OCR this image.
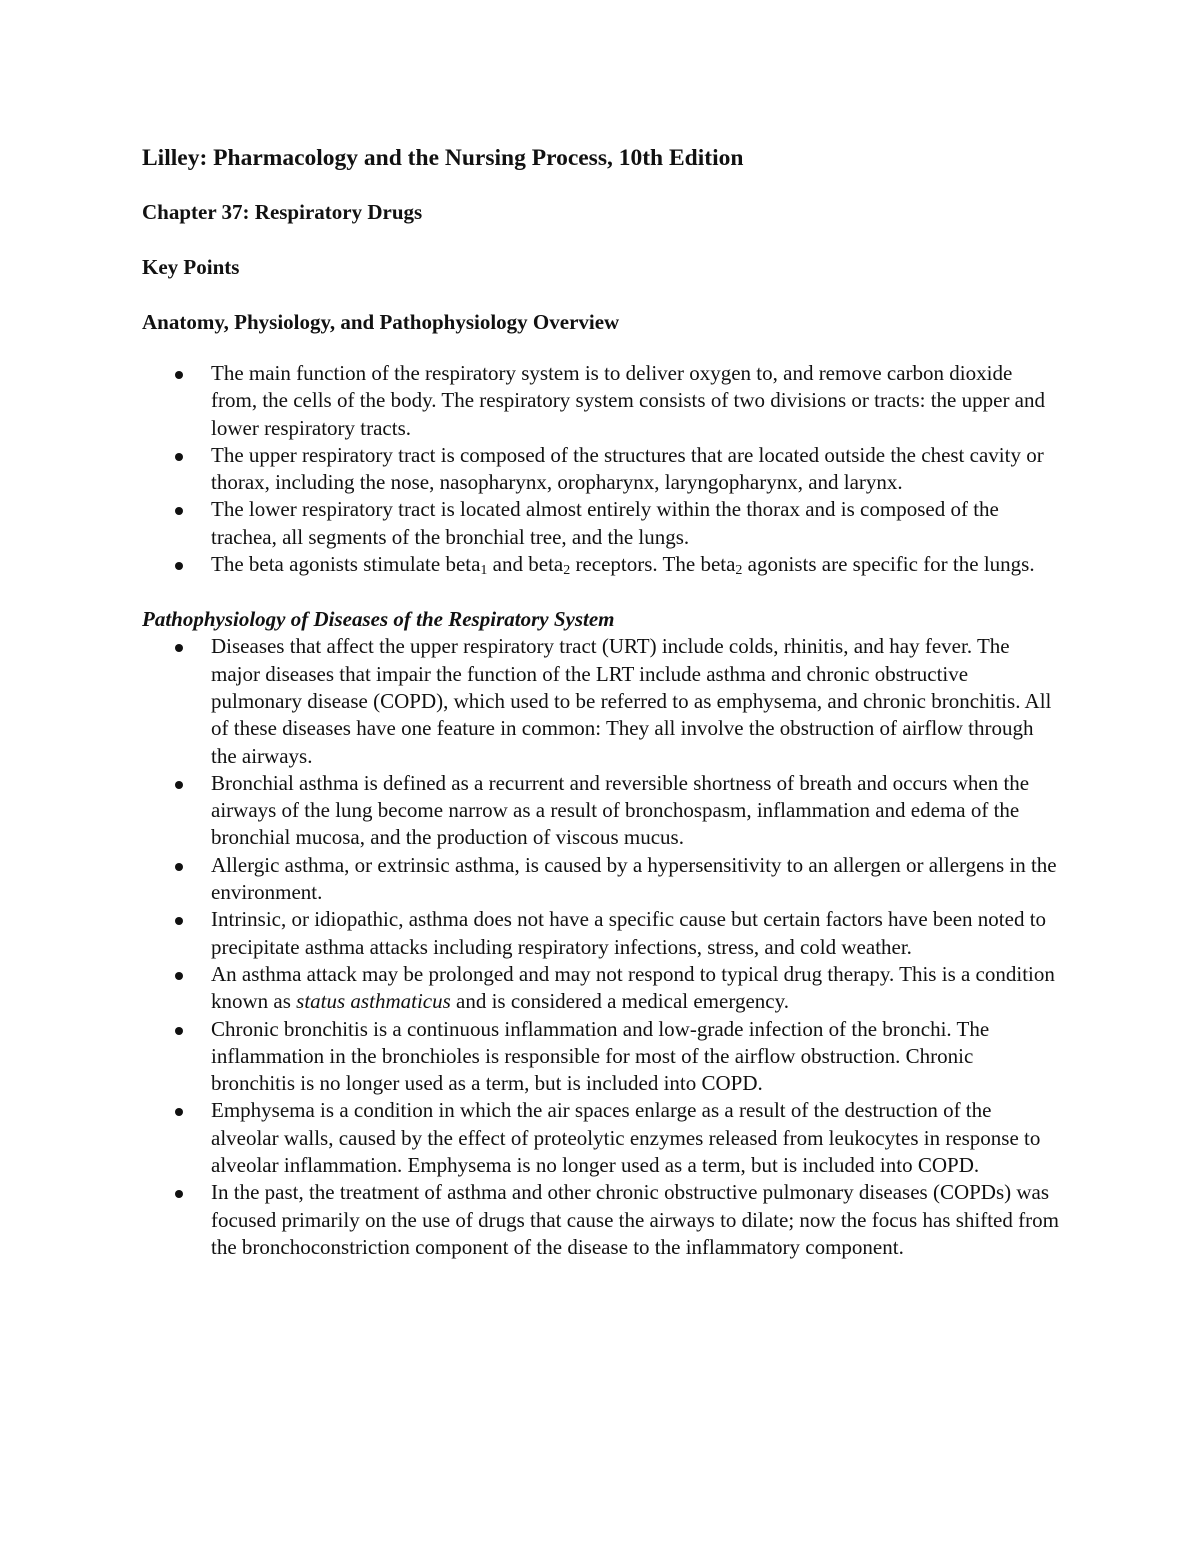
Lilley: Pharmacology and the Nursing Process, 10th Edition
Chapter 37: Respiratory Drugs
Key Points
Anatomy, Physiology, and Pathophysiology Overview
The main function of the respiratory system is to deliver oxygen to, and remove carbon dioxide from, the cells of the body. The respiratory system consists of two divisions or tracts: the upper and lower respiratory tracts.
The upper respiratory tract is composed of the structures that are located outside the chest cavity or thorax, including the nose, nasopharynx, oropharynx, laryngopharynx, and larynx.
The lower respiratory tract is located almost entirely within the thorax and is composed of the trachea, all segments of the bronchial tree, and the lungs.
The beta agonists stimulate beta$_1$ and beta$_2$ receptors. The beta$_2$ agonists are specific for the lungs.
Pathophysiology of Diseases of the Respiratory System
Diseases that affect the upper respiratory tract (URT) include colds, rhinitis, and hay fever. The major diseases that impair the function of the LRT include asthma and chronic obstructive pulmonary disease (COPD), which used to be referred to as emphysema, and chronic bronchitis. All of these diseases have one feature in common: They all involve the obstruction of airflow through the airways.
Bronchial asthma is defined as a recurrent and reversible shortness of breath and occurs when the airways of the lung become narrow as a result of bronchospasm, inflammation and edema of the bronchial mucosa, and the production of viscous mucus.
Allergic asthma, or extrinsic asthma, is caused by a hypersensitivity to an allergen or allergens in the environment.
Intrinsic, or idiopathic, asthma does not have a specific cause but certain factors have been noted to precipitate asthma attacks including respiratory infections, stress, and cold weather.
An asthma attack may be prolonged and may not respond to typical drug therapy. This is a condition known as status asthmaticus and is considered a medical emergency.
Chronic bronchitis is a continuous inflammation and low-grade infection of the bronchi. The inflammation in the bronchioles is responsible for most of the airflow obstruction. Chronic bronchitis is no longer used as a term, but is included into COPD.
Emphysema is a condition in which the air spaces enlarge as a result of the destruction of the alveolar walls, caused by the effect of proteolytic enzymes released from leukocytes in response to alveolar inflammation. Emphysema is no longer used as a term, but is included into COPD.
In the past, the treatment of asthma and other chronic obstructive pulmonary diseases (COPDs) was focused primarily on the use of drugs that cause the airways to dilate; now the focus has shifted from the bronchoconstriction component of the disease to the inflammatory component.
